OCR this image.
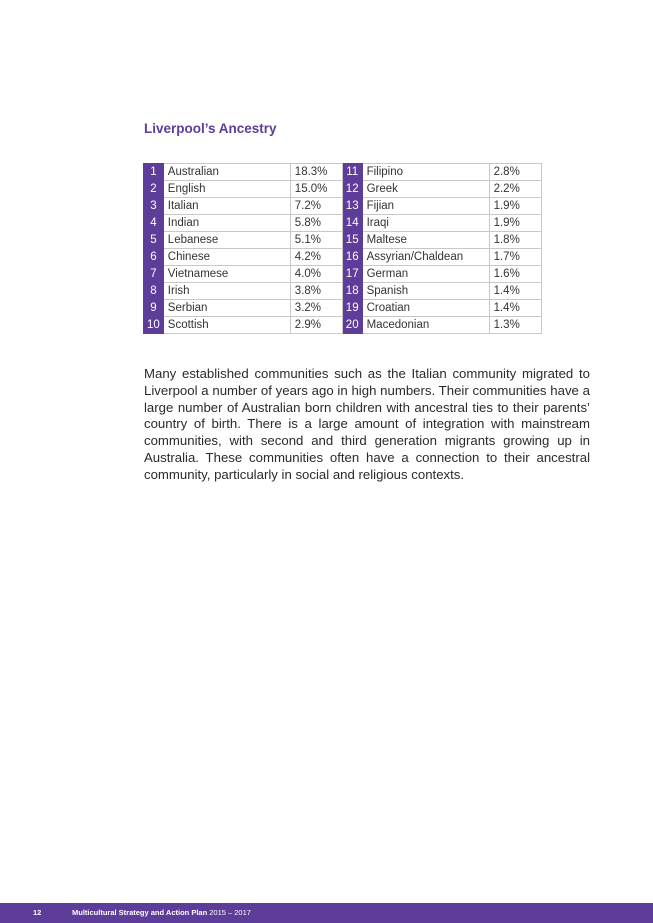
Liverpool’s Ancestry
1	Australian	18.3%	11	Filipino	2.8%
2	English	15.0%	12	Greek	2.2%
3	Italian	7.2%	13	Fijian	1.9%
4	Indian	5.8%	14	Iraqi	1.9%
5	Lebanese	5.1%	15	Maltese	1.8%
6	Chinese	4.2%	16	Assyrian/Chaldean	1.7%
7	Vietnamese	4.0%	17	German	1.6%
8	Irish	3.8%	18	Spanish	1.4%
9	Serbian	3.2%	19	Croatian	1.4%
10	Scottish	2.9%	20	Macedonian	1.3%
Many established communities such as the Italian community migrated to Liverpool a number of years ago in high numbers. Their communities have a large number of Australian born children with ancestral ties to their parents’ country of birth. There is a large amount of integration with mainstream communities, with second and third generation migrants growing up in Australia. These communities often have a connection to their ancestral community, particularly in social and religious contexts.
12	Multicultural Strategy and Action Plan 2015 – 2017
